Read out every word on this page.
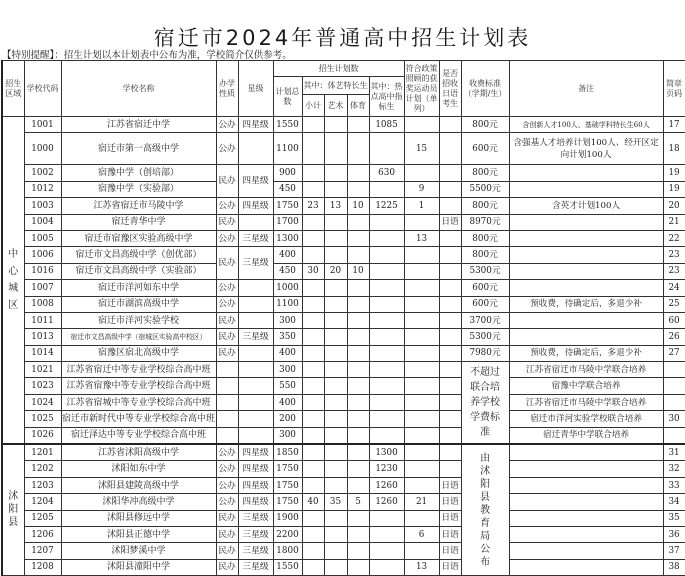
宿迁市2024年普通高中招生计划表
【特别提醒】：招生计划以本计划表中公布为准，学校简介仅供参考。
招生区域	学校代码	学校名称	办学性质	星级	招生计划数					符合政策照顾的获奖运动员计划（单列）	是否招收日语考生	收费标准（学期/生）	备注	简章页码
					计划总数	其中：体艺特长生			其中：热点高中指标生					
						小计	艺术	体育						
中心城区	1001	江苏省宿迁中学	公办	四星级	1550				1085			800元	含创新人才100人、基础学科特长生60人	17
	1000	宿迁市第一高级中学	公办		1100					15		600元	含强基人才培养计划100人、经开区定向计划100人	18
	1002	宿豫中学（创培部）	民办	四星级	900				630			800元		19
	1012	宿豫中学（实验部）			450					9		5500元		19
	1003	江苏省宿迁市马陵中学	公办	四星级	1750	23	13	10	1225	1		800元	含英才计划100人	20
	1004	宿迁青华中学	民办		1700						日语	8970元		21
	1005	宿迁市宿豫区实验高级中学	公办	三星级	1300					13		800元		22
	1006	宿迁市文昌高级中学（创优部）	民办	三星级	400							800元		23
	1016	宿迁市文昌高级中学（实验部）			450	30	20	10				5300元		23
	1007	宿迁市洋河如东中学	公办		1000							600元		24
	1008	宿迁市湖滨高级中学	公办		1100							600元	预收费，待确定后，多退少补	25
	1011	宿迁市洋河实验学校	民办		300							3700元		60
	1013	宿迁市文昌高级中学（宿城区实验高中校区）	民办	三星级	350							5300元		26
	1014	宿豫区宿北高级中学	民办		400							7980元	预收费，待确定后，多退少补	27
	1021	江苏省宿迁中等专业学校综合高中班			300							不超过联合培养学校学费标准	江苏省宿迁市马陵中学联合培养	
	1023	江苏省宿豫中等专业学校综合高中班			550								宿豫中学联合培养	
	1024	江苏省宿城中等专业学校综合高中班			400								江苏省宿迁市马陵中学联合培养	
	1025	宿迁市新时代中等专业学校综合高中班			200								宿迁市洋河实验学校联合培养	30
	1026	宿迁泽达中等专业学校综合高中班			300								宿迁青华中学联合培养	
沭阳县	1201	江苏省沭阳高级中学	公办	四星级	1850				1300			由沭阳县教育局公布		31
	1202	沭阳如东中学	公办	四星级	1750				1230					32
	1203	沭阳县建陵高级中学	公办	四星级	1750				1260		日语			33
	1204	沭阳华冲高级中学	公办	四星级	1750	40	35	5	1260	21	日语			34
	1205	沭阳县修远中学	民办	三星级	1900						日语			35
	1206	沭阳县正德中学	民办	三星级	2200					6	日语			36
	1207	沭阳梦溪中学	民办	三星级	1800						日语			37
	1208	沭阳县潼阳中学	民办	三星级	1550					13	日语			38
